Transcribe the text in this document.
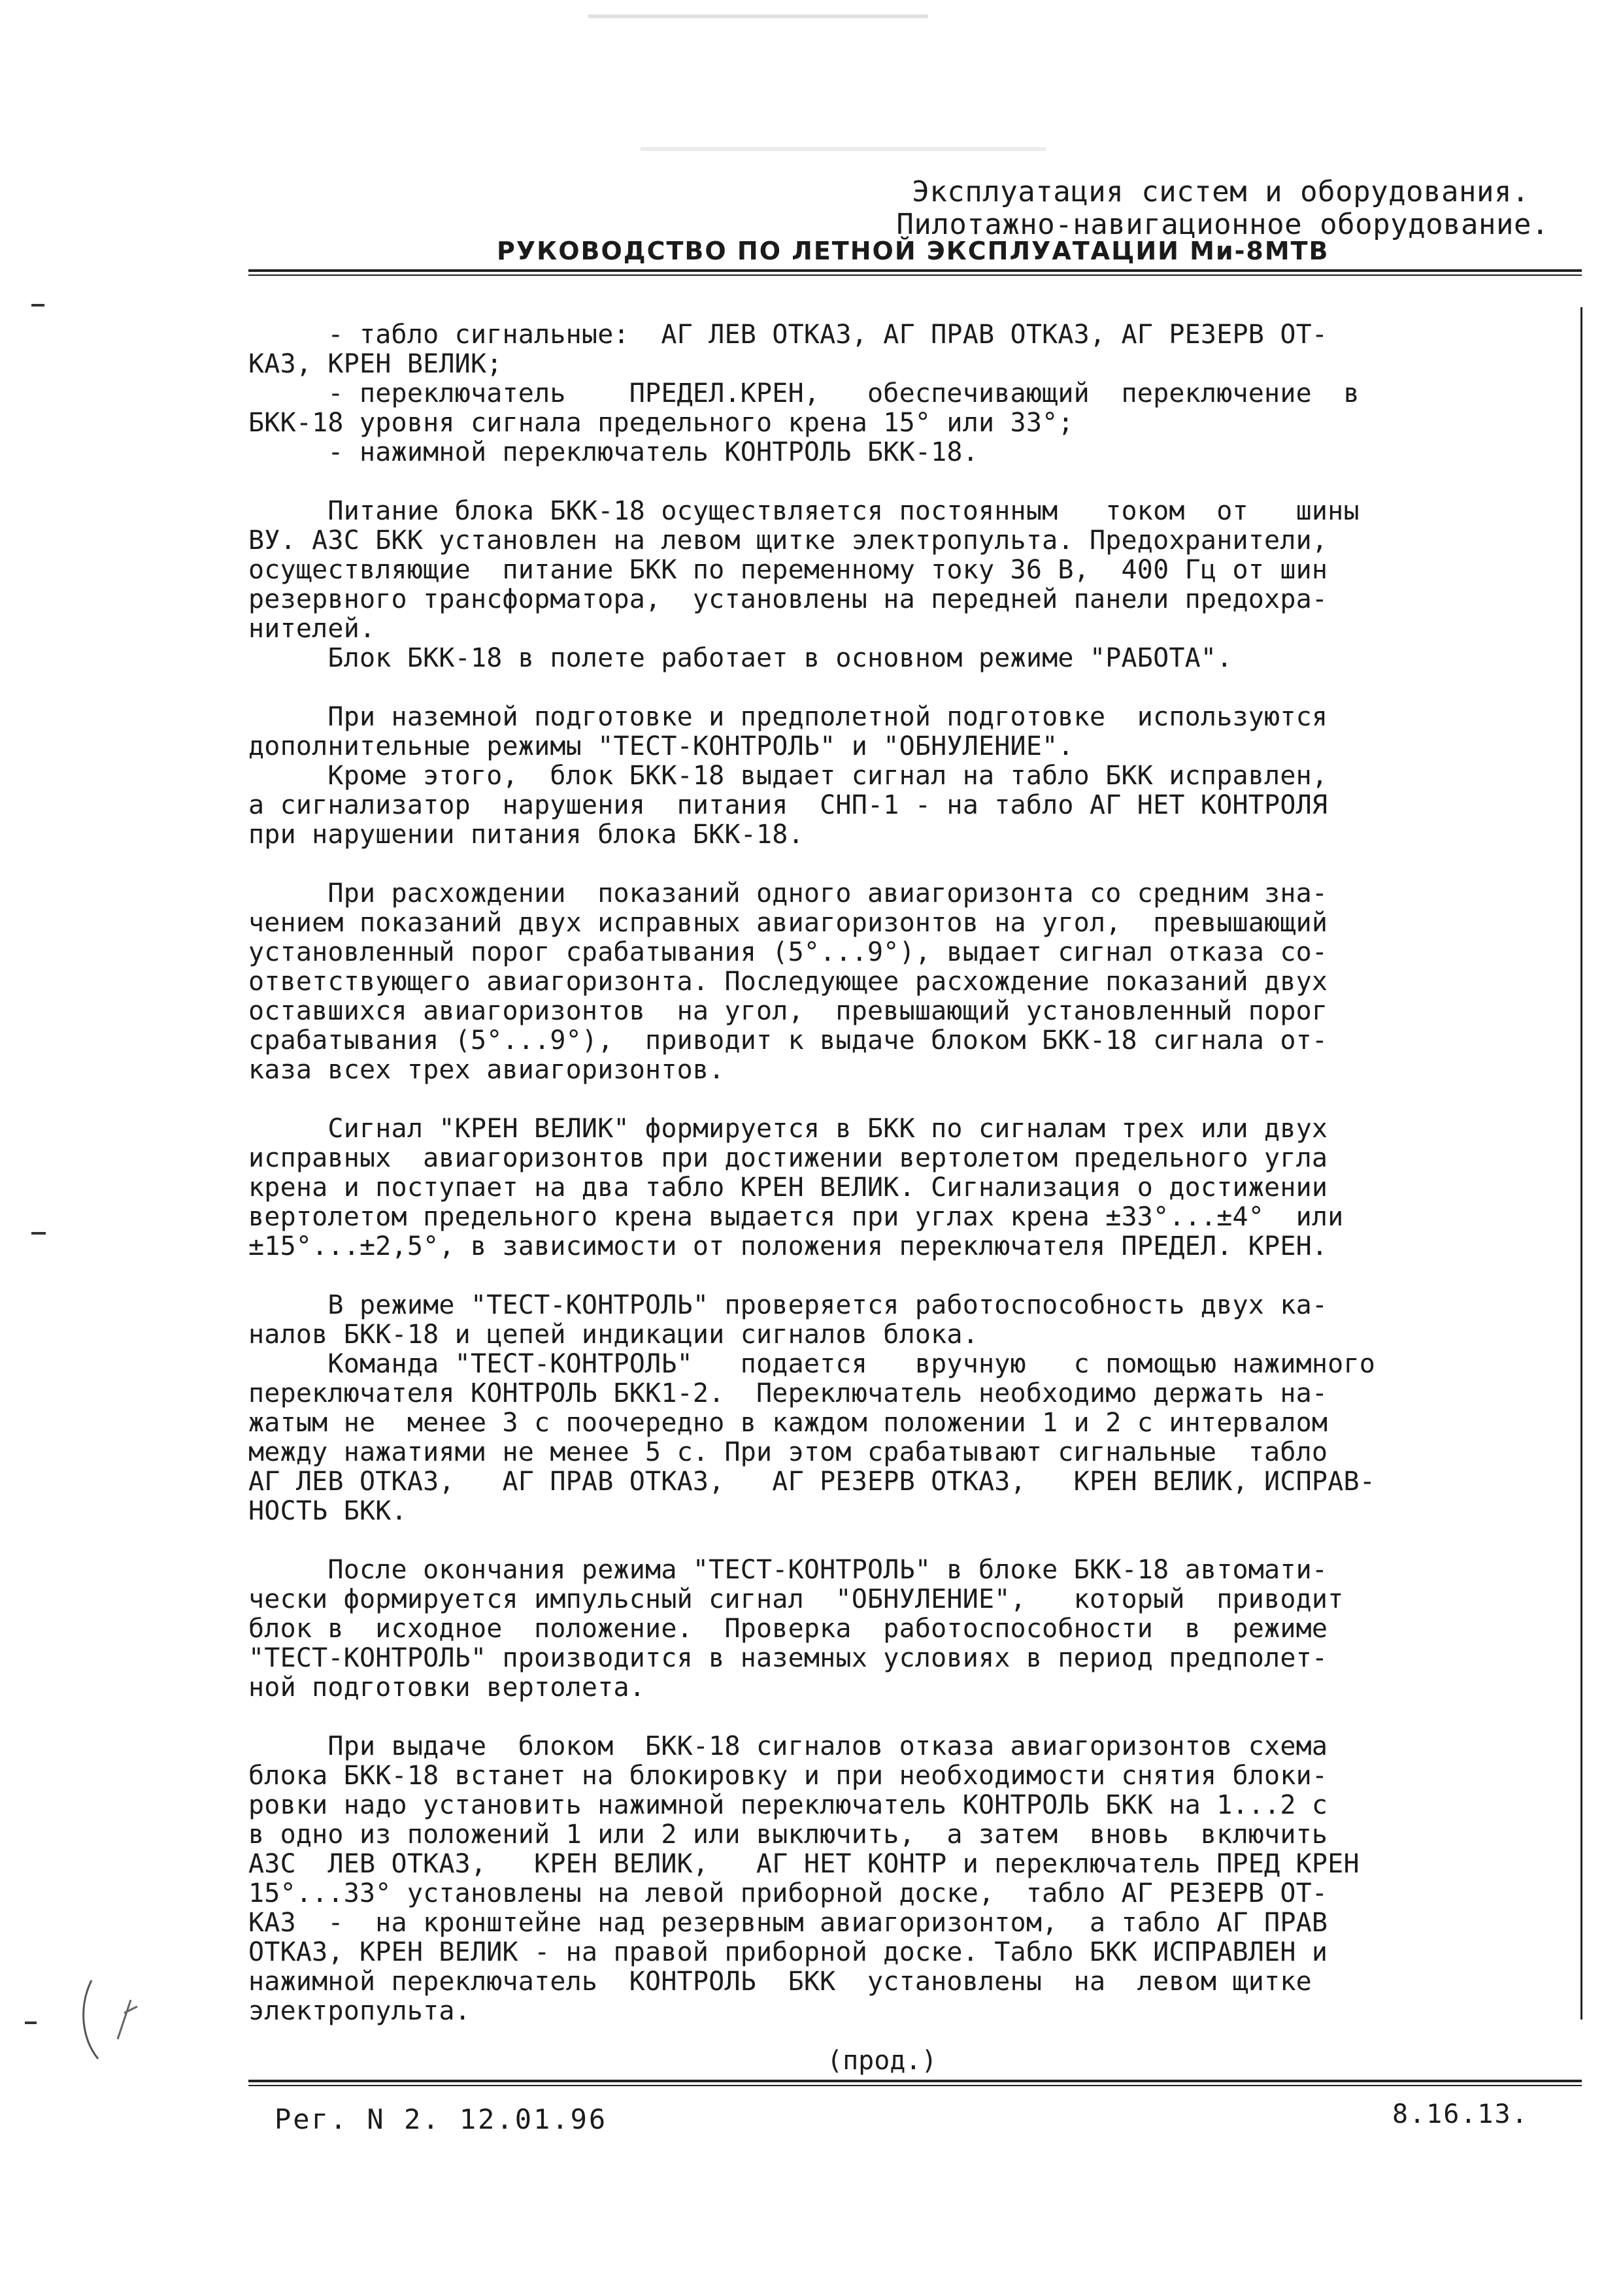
Эксплуатация систем и оборудования.
Пилотажно-навигационное оборудование.
РУКОВОДСТВО ПО ЛЕТНОЙ ЭКСПЛУАТАЦИИ Ми-8МТВ
- табло сигнальные:  АГ ЛЕВ ОТКАЗ, АГ ПРАВ ОТКАЗ, АГ РЕЗЕРВ ОТ-
КАЗ, КРЕН ВЕЛИК;
- переключатель    ПРЕДЕЛ.КРЕН,   обеспечивающий  переключение  в
БКК-18 уровня сигнала предельного крена 15° или 33°;
- нажимной переключатель КОНТРОЛЬ БКК-18.

Питание блока БКК-18 осуществляется постоянным   током  от   шины
ВУ. АЗС БКК установлен на левом щитке электропульта. Предохранители,
осуществляющие  питание БКК по переменному току 36 В,  400 Гц от шин
резервного трансформатора,  установлены на передней панели предохра-
нителей.
Блок БКК-18 в полете работает в основном режиме "РАБОТА".

При наземной подготовке и предполетной подготовке  используются
дополнительные режимы "ТЕСТ-КОНТРОЛЬ" и "ОБНУЛЕНИЕ".
Кроме этого,  блок БКК-18 выдает сигнал на табло БКК исправлен,
а сигнализатор  нарушения  питания  СНП-1 - на табло АГ НЕТ КОНТРОЛЯ
при нарушении питания блока БКК-18.

При расхождении  показаний одного авиагоризонта со средним зна-
чением показаний двух исправных авиагоризонтов на угол,  превышающий
установленный порог срабатывания (5°...9°), выдает сигнал отказа со-
ответствующего авиагоризонта. Последующее расхождение показаний двух
оставшихся авиагоризонтов  на угол,  превышающий установленный порог
срабатывания (5°...9°),  приводит к выдаче блоком БКК-18 сигнала от-
каза всех трех авиагоризонтов.

Сигнал "КРЕН ВЕЛИК" формируется в БКК по сигналам трех или двух
исправных  авиагоризонтов при достижении вертолетом предельного угла
крена и поступает на два табло КРЕН ВЕЛИК. Сигнализация о достижении
вертолетом предельного крена выдается при углах крена ±33°...±4°  или
±15°...±2,5°, в зависимости от положения переключателя ПРЕДЕЛ. КРЕН.

В режиме "ТЕСТ-КОНТРОЛЬ" проверяется работоспособность двух ка-
налов БКК-18 и цепей индикации сигналов блока.
Команда "ТЕСТ-КОНТРОЛЬ"   подается   вручную   с помощью нажимного
переключателя КОНТРОЛЬ БКК1-2.  Переключатель необходимо держать на-
жатым не  менее 3 с поочередно в каждом положении 1 и 2 с интервалом
между нажатиями не менее 5 с. При этом срабатывают сигнальные  табло
АГ ЛЕВ ОТКАЗ,   АГ ПРАВ ОТКАЗ,   АГ РЕЗЕРВ ОТКАЗ,   КРЕН ВЕЛИК, ИСПРАВ-
НОСТЬ БКК.

После окончания режима "ТЕСТ-КОНТРОЛЬ" в блоке БКК-18 автомати-
чески формируется импульсный сигнал  "ОБНУЛЕНИЕ",   который  приводит
блок в  исходное  положение.  Проверка  работоспособности  в  режиме
"ТЕСТ-КОНТРОЛЬ" производится в наземных условиях в период предполет-
ной подготовки вертолета.

При выдаче  блоком  БКК-18 сигналов отказа авиагоризонтов схема
блока БКК-18 встанет на блокировку и при необходимости снятия блоки-
ровки надо установить нажимной переключатель КОНТРОЛЬ БКК на 1...2 с
в одно из положений 1 или 2 или выключить,  а затем  вновь  включить
АЗС  ЛЕВ ОТКАЗ,   КРЕН ВЕЛИК,   АГ НЕТ КОНТР и переключатель ПРЕД КРЕН
15°...33° установлены на левой приборной доске,  табло АГ РЕЗЕРВ ОТ-
КАЗ  -  на кронштейне над резервным авиагоризонтом,  а табло АГ ПРАВ
ОТКАЗ, КРЕН ВЕЛИК - на правой приборной доске. Табло БКК ИСПРАВЛЕН и
нажимной переключатель  КОНТРОЛЬ  БКК  установлены  на  левом щитке
электропульта.
(прод.)
Рег. N 2. 12.01.96	8.16.13.
